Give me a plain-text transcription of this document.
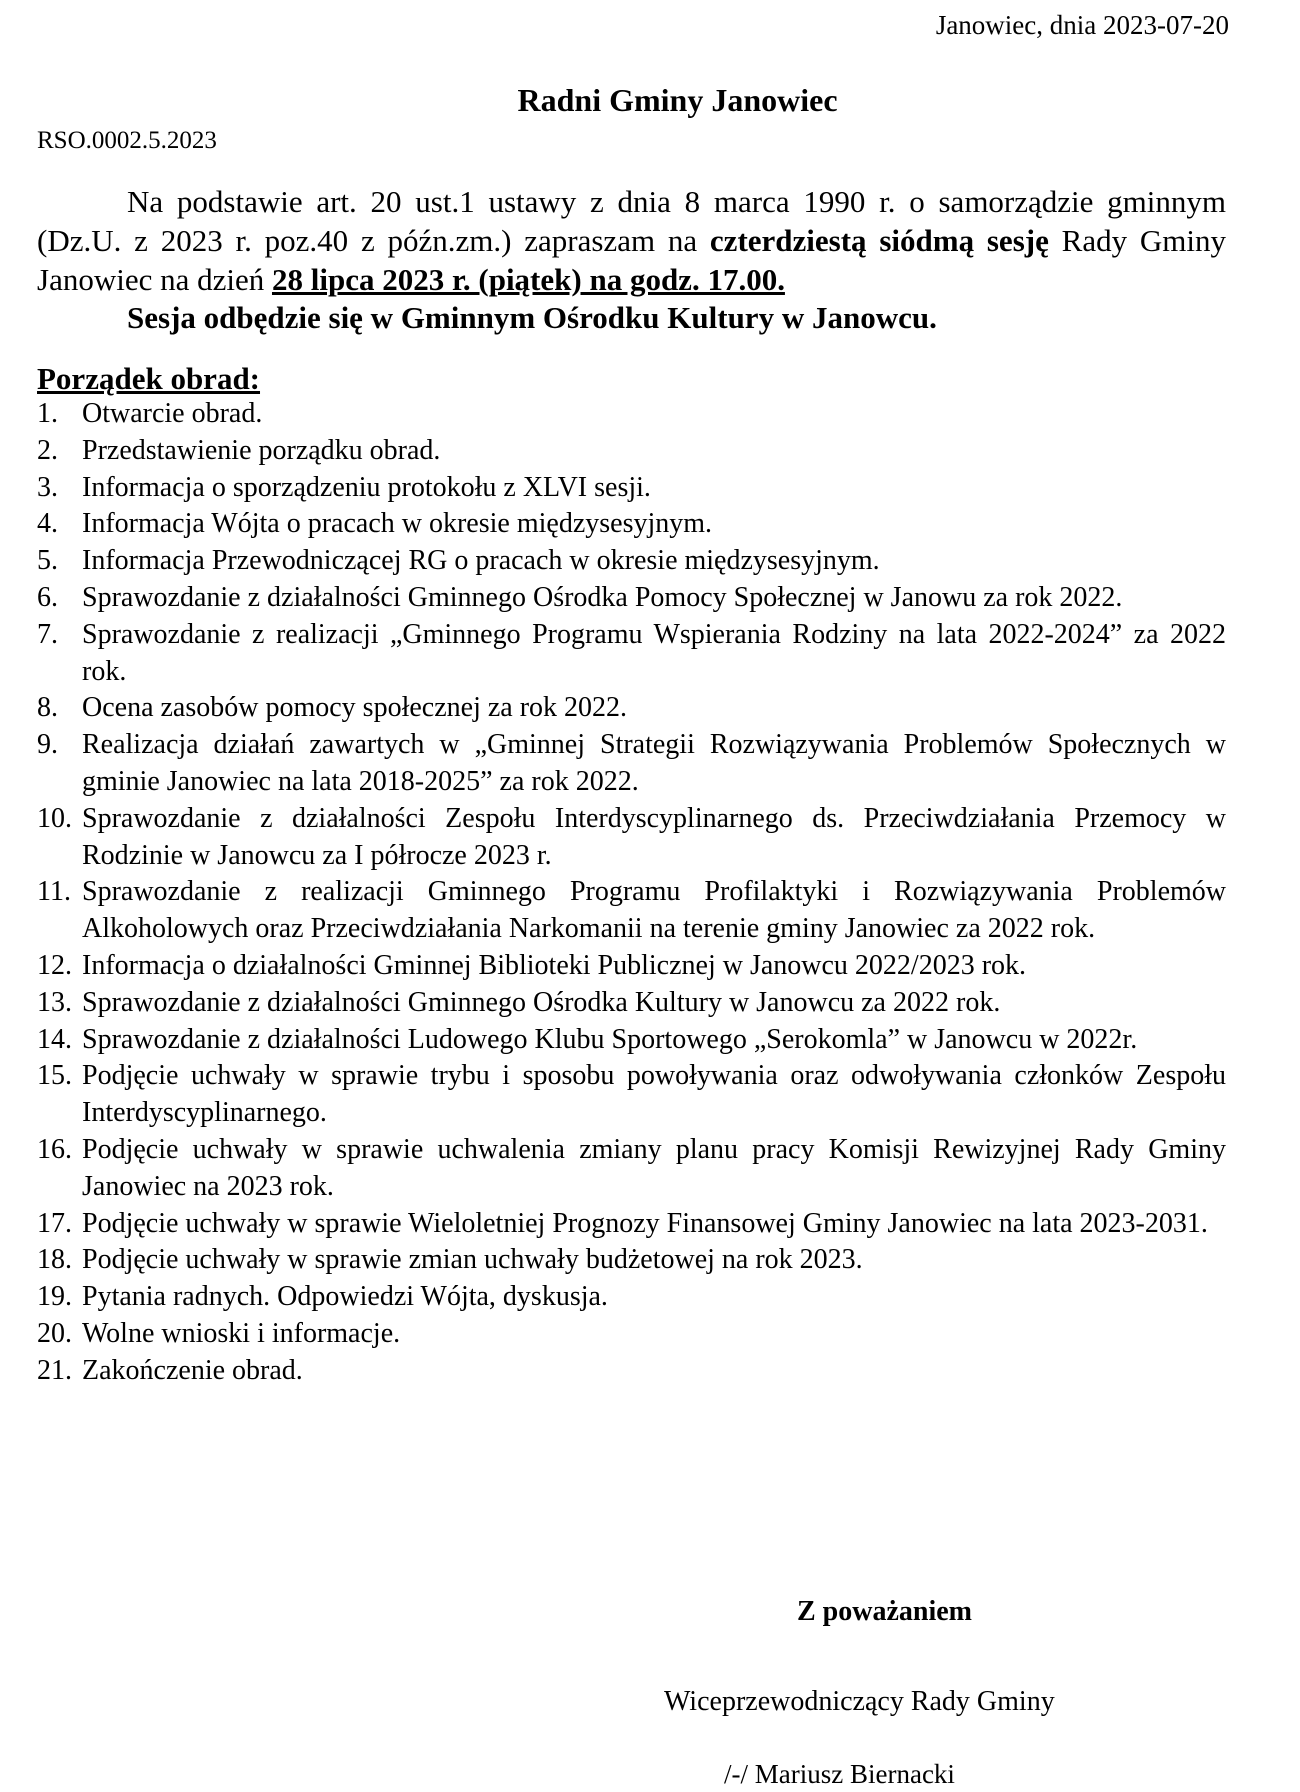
Janowiec, dnia 2023-07-20
Radni Gminy Janowiec
RSO.0002.5.2023

Na podstawie art. 20 ust.1 ustawy z dnia 8 marca 1990 r. o samorządzie gminnym (Dz.U. z 2023 r. poz.40 z późn.zm.) zapraszam na czterdziestą siódmą sesję Rady Gminy Janowiec na dzień 28 lipca 2023 r. (piątek) na godz. 17.00.

Sesja odbędzie się w Gminnym Ośrodku Kultury w Janowcu.
Porządek obrad:
1. Otwarcie obrad.
2. Przedstawienie porządku obrad.
3. Informacja o sporządzeniu protokołu z XLVI sesji.
4. Informacja Wójta o pracach w okresie międzysesyjnym.
5. Informacja Przewodniczącej RG o pracach w okresie międzysesyjnym.
6. Sprawozdanie z działalności Gminnego Ośrodka Pomocy Społecznej w Janowu za rok 2022.
7. Sprawozdanie z realizacji „Gminnego Programu Wspierania Rodziny na lata 2022-2024” za 2022 rok.
8. Ocena zasobów pomocy społecznej za rok 2022.
9. Realizacja działań zawartych w „Gminnej Strategii Rozwiązywania Problemów Społecznych w gminie Janowiec na lata 2018-2025” za rok 2022.
10. Sprawozdanie z działalności Zespołu Interdyscyplinarnego ds. Przeciwdziałania Przemocy w Rodzinie w Janowcu za I półrocze 2023 r.
11. Sprawozdanie z realizacji Gminnego Programu Profilaktyki i Rozwiązywania Problemów Alkoholowych oraz Przeciwdziałania Narkomanii na terenie gminy Janowiec za 2022 rok.
12. Informacja o działalności Gminnej Biblioteki Publicznej w Janowcu 2022/2023 rok.
13. Sprawozdanie z działalności Gminnego Ośrodka Kultury w Janowcu za 2022 rok.
14. Sprawozdanie z działalności Ludowego Klubu Sportowego „Serokomla” w Janowcu w 2022r.
15. Podjęcie uchwały w sprawie trybu i sposobu powoływania oraz odwoływania członków Zespołu Interdyscyplinarnego.
16. Podjęcie uchwały w sprawie uchwalenia zmiany planu pracy Komisji Rewizyjnej Rady Gminy Janowiec na 2023 rok.
17. Podjęcie uchwały w sprawie Wieloletniej Prognozy Finansowej Gminy Janowiec na lata 2023-2031.
18. Podjęcie uchwały w sprawie zmian uchwały budżetowej na rok 2023.
19. Pytania radnych. Odpowiedzi Wójta, dyskusja.
20. Wolne wnioski i informacje.
21. Zakończenie obrad.
Z poważaniem
Wiceprzewodniczący Rady Gminy
/-/ Mariusz Biernacki
